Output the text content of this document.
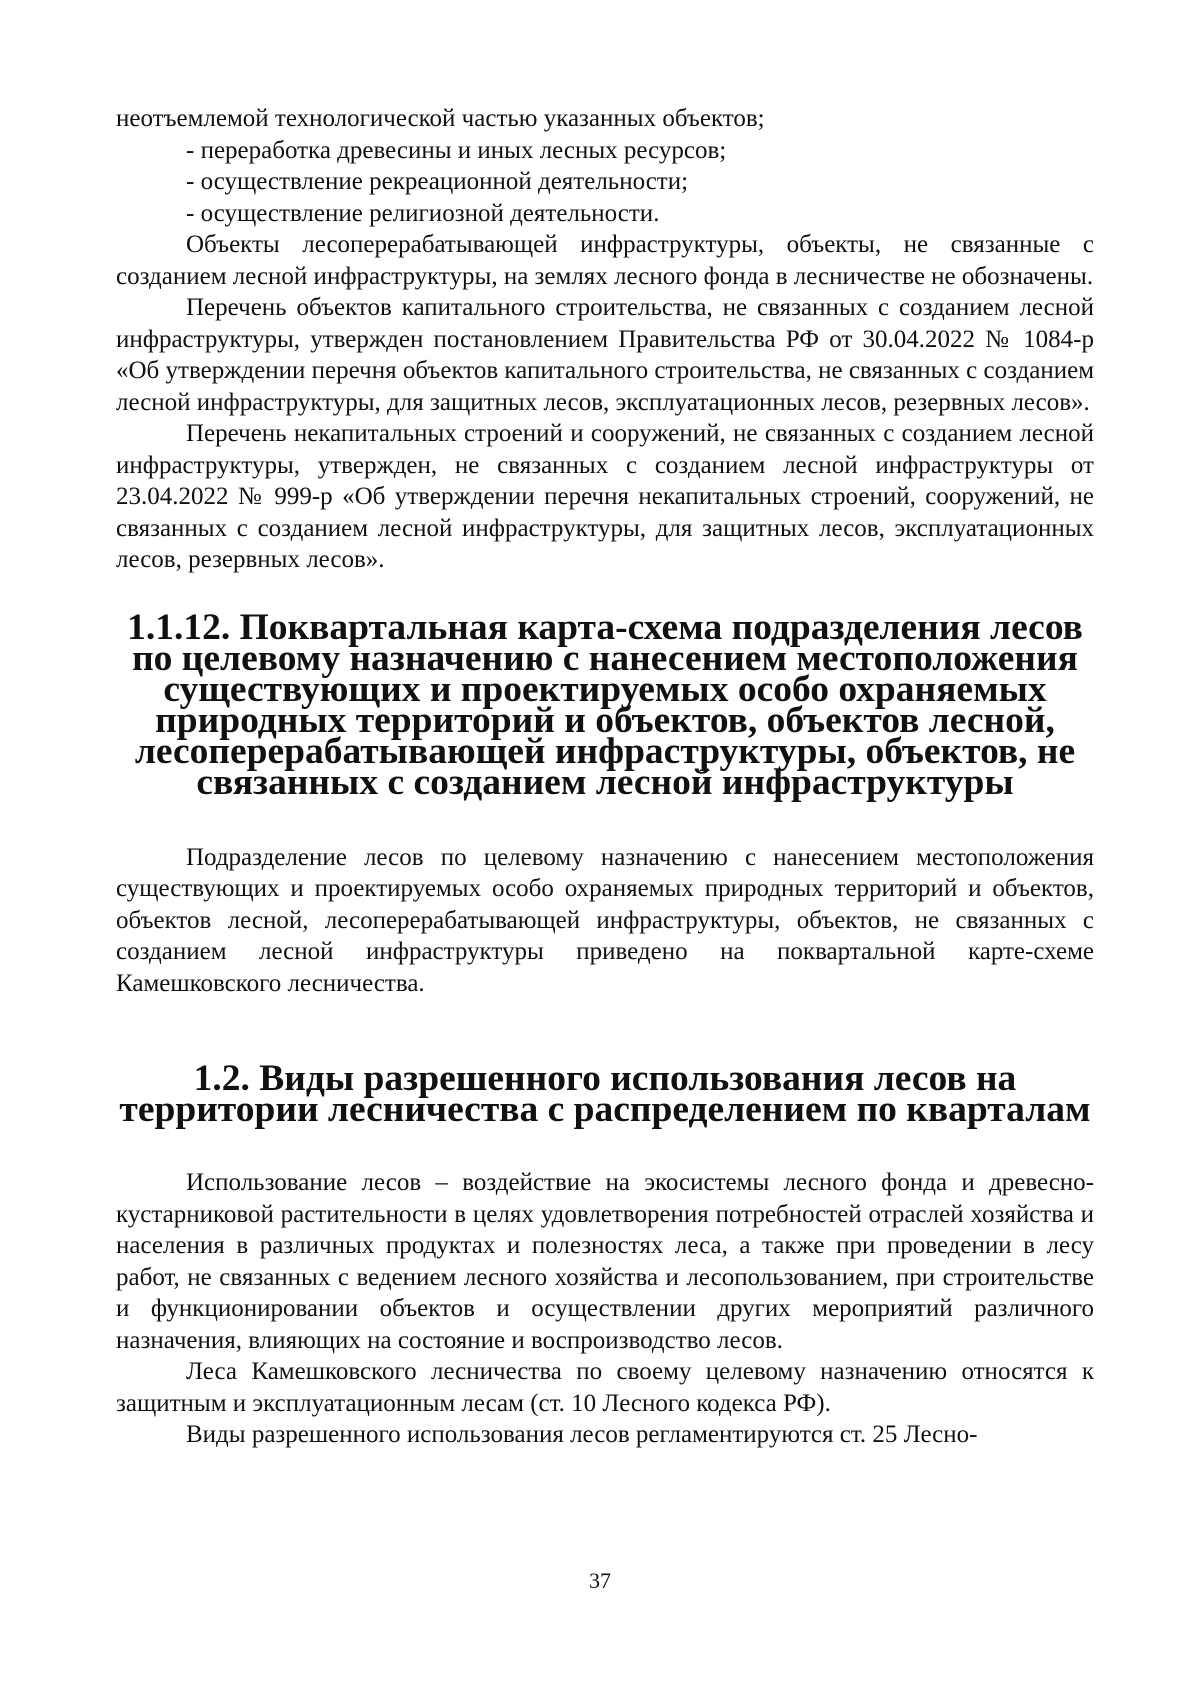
неотъемлемой технологической частью указанных объектов;

- переработка древесины и иных лесных ресурсов;

- осуществление рекреационной деятельности;

- осуществление религиозной деятельности.

Объекты лесоперерабатывающей инфраструктуры, объекты, не связанные с созданием лесной инфраструктуры, на землях лесного фонда в лесничестве не обозначены.

Перечень объектов капитального строительства, не связанных с созданием лесной инфраструктуры, утвержден постановлением Правительства РФ от 30.04.2022 № 1084-р «Об утверждении перечня объектов капитального строительства, не связанных с созданием лесной инфраструктуры, для защитных лесов, эксплуатационных лесов, резервных лесов».

Перечень некапитальных строений и сооружений, не связанных с созданием лесной инфраструктуры, утвержден, не связанных с созданием лесной инфраструктуры от 23.04.2022 № 999-р «Об утверждении перечня некапитальных строений, сооружений, не связанных с созданием лесной инфраструктуры, для защитных лесов, эксплуатационных лесов, резервных лесов».

1.1.12. Поквартальная карта-схема подразделения лесов по целевому назначению с нанесением местоположения существующих и проектируемых особо охраняемых природных территорий и объектов, объектов лесной, лесоперерабатывающей инфраструктуры, объектов, не связанных с созданием лесной инфраструктуры

Подразделение лесов по целевому назначению с нанесением местоположения существующих и проектируемых особо охраняемых природных территорий и объектов, объектов лесной, лесоперерабатывающей инфраструктуры, объектов, не связанных с созданием лесной инфраструктуры приведено на поквартальной карте-схеме Камешковского лесничества.

1.2. Виды разрешенного использования лесов на территории лесничества с распределением по кварталам

Использование лесов – воздействие на экосистемы лесного фонда и древесно-кустарниковой растительности в целях удовлетворения потребностей отраслей хозяйства и населения в различных продуктах и полезностях леса, а также при проведении в лесу работ, не связанных с ведением лесного хозяйства и лесопользованием, при строительстве и функционировании объектов и осуществлении других мероприятий различного назначения, влияющих на состояние и воспроизводство лесов.

Леса Камешковского лесничества по своему целевому назначению относятся к защитным и эксплуатационным лесам (ст. 10 Лесного кодекса РФ).

Виды разрешенного использования лесов регламентируются ст. 25 Лесно-

37
